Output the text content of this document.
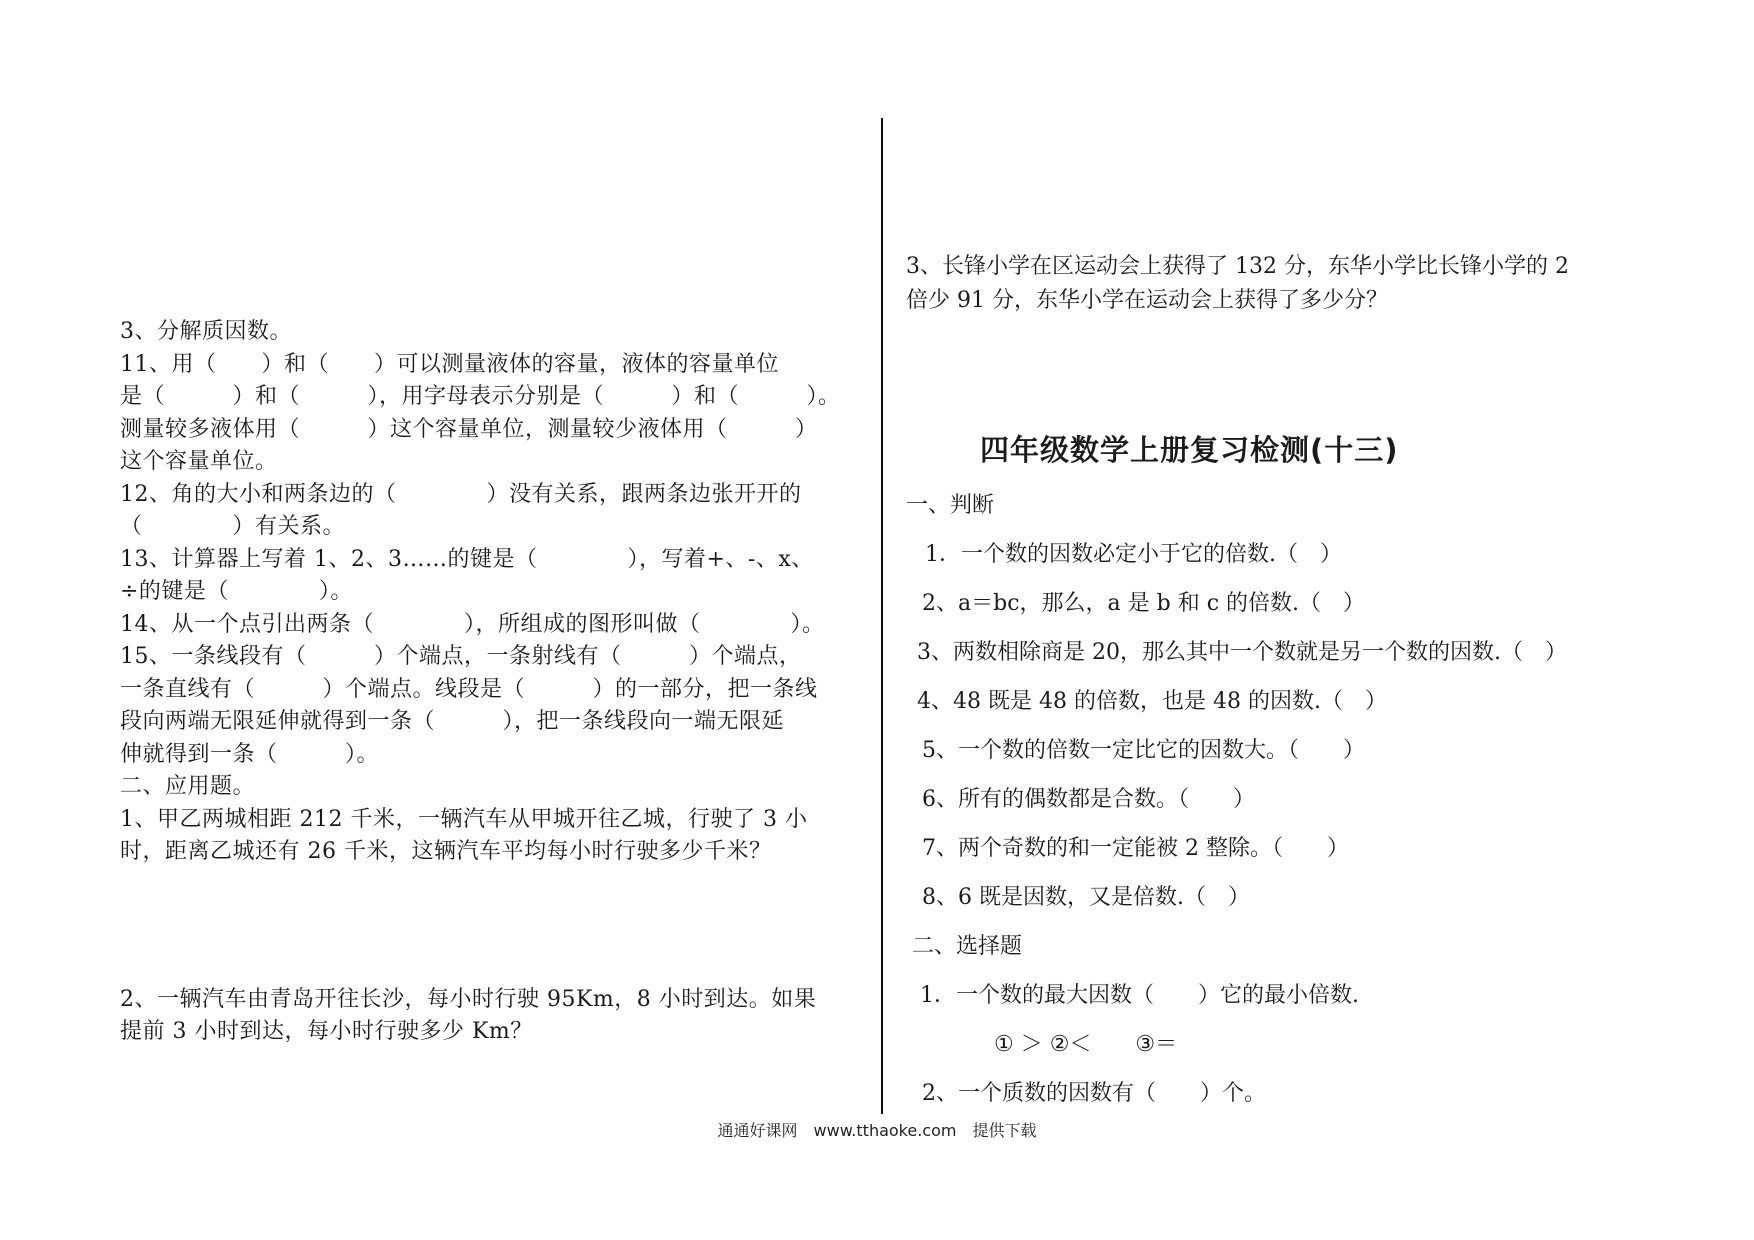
3、分解质因数。

11、用（　　）和（　　）可以测量液体的容量，液体的容量单位

是（　　　）和（　　　），用字母表示分别是（　　　）和（　　　）。

测量较多液体用（　　　）这个容量单位，测量较少液体用（　　　）

这个容量单位。

12、角的大小和两条边的（　　　　）没有关系，跟两条边张开开的

（　　　　）有关系。

13、计算器上写着 1、2、3……的键是（　　　　），写着+、-、x、

÷的键是（　　　　）。

14、从一个点引出两条（　　　　），所组成的图形叫做（　　　　）。

15、一条线段有（　　　）个端点，一条射线有（　　　）个端点，

一条直线有（　　　）个端点。线段是（　　　）的一部分，把一条线

段向两端无限延伸就得到一条（　　　），把一条线段向一端无限延

伸就得到一条（　　　）。

二、应用题。

1、甲乙两城相距 212 千米，一辆汽车从甲城开往乙城，行驶了 3 小

时，距离乙城还有 26 千米，这辆汽车平均每小时行驶多少千米？

2、一辆汽车由青岛开往长沙，每小时行驶 95Km，8 小时到达。如果

提前 3 小时到达，每小时行驶多少 Km？

3、长锋小学在区运动会上获得了 132 分，东华小学比长锋小学的 2

倍少 91 分，东华小学在运动会上获得了多少分？

四年级数学上册复习检测(十三)
一、判断
1．一个数的因数必定小于它的倍数.（　）
2、a＝bc，那么，a 是 b 和 c 的倍数.（　）
3、两数相除商是 20，那么其中一个数就是另一个数的因数.（　）
4、48 既是 48 的倍数，也是 48 的因数.（　）
5、一个数的倍数一定比它的因数大。（　　）
6、所有的偶数都是合数。（　　）
7、两个奇数的和一定能被 2 整除。（　　）
8、6 既是因数，又是倍数.（　）
二、选择题
1．一个数的最大因数（　　）它的最小倍数.
① ＞ ②＜　　③＝
2、一个质数的因数有（　　）个。
通通好课网　www.tthaoke.com　提供下载
